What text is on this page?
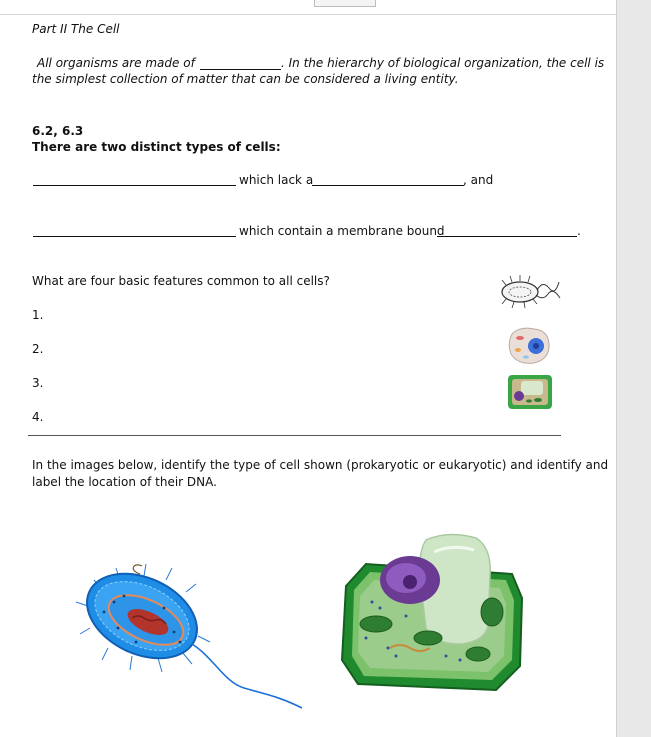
Part II The Cell
All organisms are made of	. In the hierarchy of biological organization, the cell is
the simplest collection of matter that can be considered a living entity.
6.2, 6.3
There are two distinct types of cells:
which lack a	, and
which contain a membrane bound	.
What are four basic features common to all cells?
1.
2.
3.
4.
In the images below, identify the type of cell shown (prokaryotic or eukaryotic) and identify and
label the location of their DNA.
